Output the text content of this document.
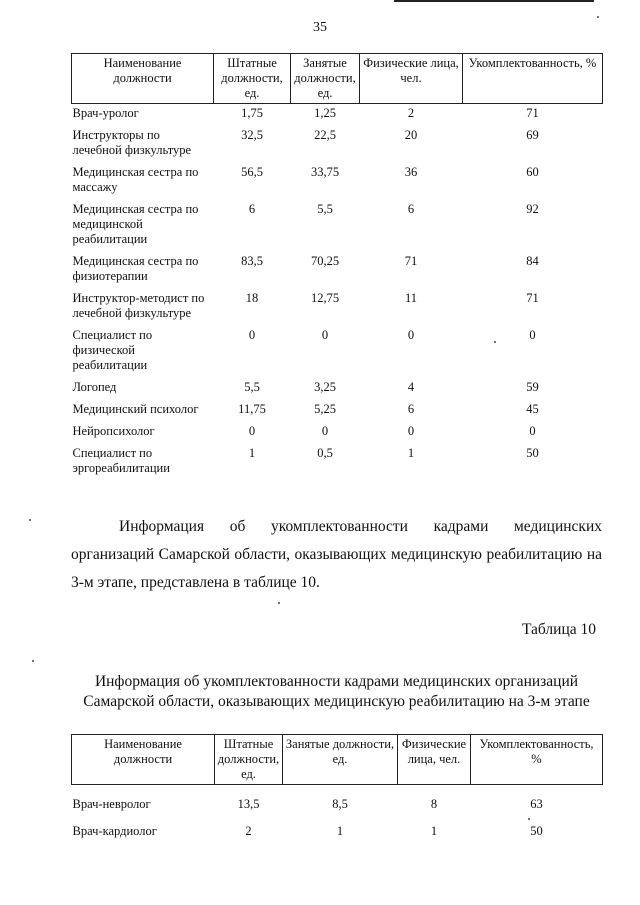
35
Наименование должности	Штатные должности, ед.	Занятые должности, ед.	Физические лица, чел.	Укомплектованность, %
Врач-уролог	1,75	1,25	2	71
Инструкторы по лечебной физкультуре	32,5	22,5	20	69
Медицинская сестра по массажу	56,5	33,75	36	60
Медицинская сестра по медицинской реабилитации	6	5,5	6	92
Медицинская сестра по физиотерапии	83,5	70,25	71	84
Инструктор-методист по лечебной физкультуре	18	12,75	11	71
Специалист по физической реабилитации	0	0	0	0
Логопед	5,5	3,25	4	59
Медицинский психолог	11,75	5,25	6	45
Нейропсихолог	0	0	0	0
Специалист по эргореабилитации	1	0,5	1	50

Информация об укомплектованности кадрами медицинских организаций Самарской области, оказывающих медицинскую реабилитацию на 3-м этапе, представлена в таблице 10.

Таблица 10

Информация об укомплектованности кадрами медицинских организаций Самарской области, оказывающих медицинскую реабилитацию на 3-м этапе

Наименование должности	Штатные должности, ед.	Занятые должности, ед.	Физические лица, чел.	Укомплектованность, %
Врач-невролог	13,5	8,5	8	63
Врач-кардиолог	2	1	1	50
